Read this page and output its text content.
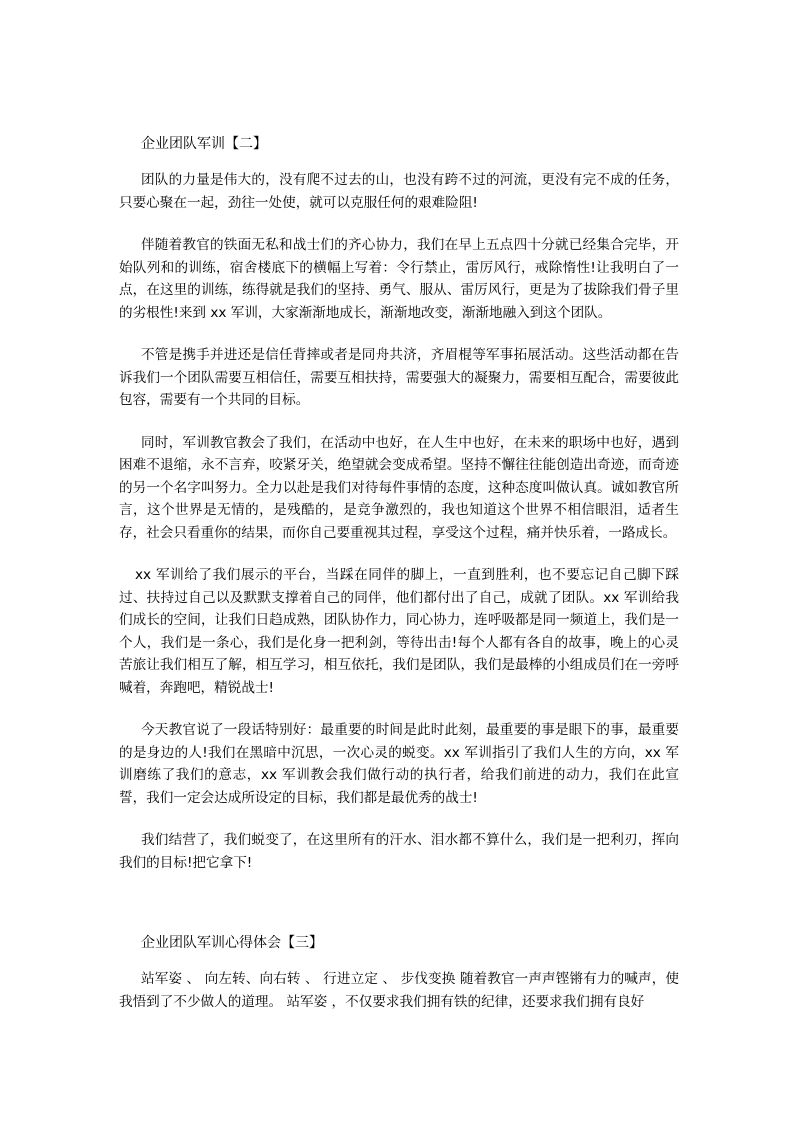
企业团队军训【二】

团队的力量是伟大的，没有爬不过去的山，也没有跨不过的河流，更没有完不成的任务，只要心聚在一起，劲往一处使，就可以克服任何的艰难险阻!

伴随着教官的铁面无私和战士们的齐心协力，我们在早上五点四十分就已经集合完毕，开始队列和的训练，宿舍楼底下的横幅上写着：令行禁止，雷厉风行，戒除惰性!让我明白了一点，在这里的训练，练得就是我们的坚持、勇气、服从、雷厉风行，更是为了拔除我们骨子里的劣根性!来到 xx 军训，大家渐渐地成长，渐渐地改变，渐渐地融入到这个团队。

不管是携手并进还是信任背摔或者是同舟共济，齐眉棍等军事拓展活动。这些活动都在告诉我们一个团队需要互相信任，需要互相扶持，需要强大的凝聚力，需要相互配合，需要彼此包容，需要有一个共同的目标。

同时，军训教官教会了我们，在活动中也好，在人生中也好，在未来的职场中也好，遇到困难不退缩，永不言弃，咬紧牙关，绝望就会变成希望。坚持不懈往往能创造出奇迹，而奇迹的另一个名字叫努力。全力以赴是我们对待每件事情的态度，这种态度叫做认真。诚如教官所言，这个世界是无情的，是残酷的，是竞争激烈的，我也知道这个世界不相信眼泪，适者生存，社会只看重你的结果，而你自己要重视其过程，享受这个过程，痛并快乐着，一路成长。

xx 军训给了我们展示的平台，当踩在同伴的脚上，一直到胜利，也不要忘记自己脚下踩过、扶持过自己以及默默支撑着自己的同伴，他们都付出了自己，成就了团队。xx 军训给我们成长的空间，让我们日趋成熟，团队协作力，同心协力，连呼吸都是同一频道上，我们是一个人，我们是一条心，我们是化身一把利剑，等待出击!每个人都有各自的故事，晚上的心灵苦旅让我们相互了解，相互学习，相互依托，我们是团队，我们是最棒的小组成员们在一旁呼喊着，奔跑吧，精锐战士!

今天教官说了一段话特别好：最重要的时间是此时此刻，最重要的事是眼下的事，最重要的是身边的人!我们在黑暗中沉思，一次心灵的蜕变。xx 军训指引了我们人生的方向，xx 军训磨练了我们的意志，xx 军训教会我们做行动的执行者，给我们前进的动力，我们在此宣誓，我们一定会达成所设定的目标，我们都是最优秀的战士!

我们结营了，我们蜕变了，在这里所有的汗水、泪水都不算什么，我们是一把利刃，挥向我们的目标!把它拿下!

企业团队军训心得体会【三】

站军姿 、 向左转、向右转 、 行进立定 、 步伐变换 随着教官一声声铿锵有力的喊声，使我悟到了不少做人的道理。 站军姿 ，不仅要求我们拥有铁的纪律，还要求我们拥有良好
